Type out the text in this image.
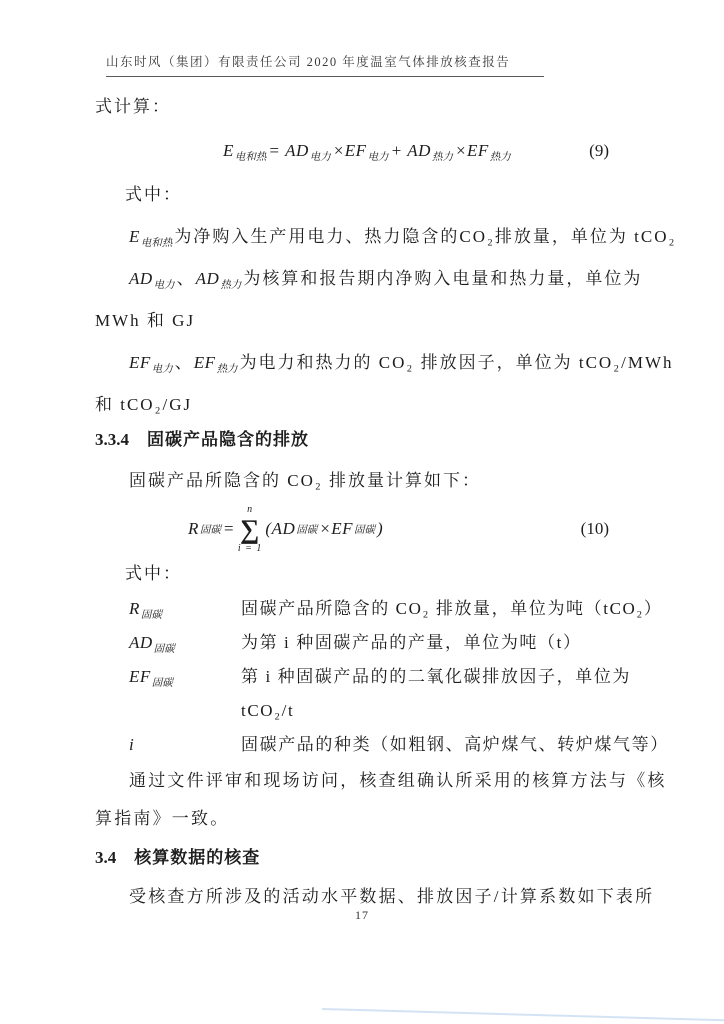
山东时风（集团）有限责任公司 2020 年度温室气体排放核查报告
式计算：
$E_{电和热} = AD_{电力} \times EF_{电力} + AD_{热力} \times EF_{热力}$	(9)
式中：
$E_{电和热}$ 为净购入生产用电力、热力隐含的CO₂排放量，单位为 tCO₂
$AD_{电力}$ 、$AD_{热力}$ 为核算和报告期内净购入电量和热力量，单位为
MWh 和 GJ
$EF_{电力}$ 、$EF_{热力}$ 为电力和热力的 CO₂ 排放因子，单位为 tCO₂/MWh
和 tCO₂/GJ
3.3.4 固碳产品隐含的排放
固碳产品所隐含的 CO₂ 排放量计算如下：
R 固碳 =
n
∑
i = 1
( AD 固碳 × EF 固碳 )	(10)
式中：
$R_{固碳}$	固碳产品所隐含的 CO₂ 排放量，单位为吨（tCO₂）
$AD_{固碳}$	为第 i 种固碳产品的产量，单位为吨（t）
$EF_{固碳}$	第 i 种固碳产品的的二氧化碳排放因子，单位为
tCO₂/t
i	固碳产品的种类（如粗钢、高炉煤气、转炉煤气等）
通过文件评审和现场访问，核查组确认所采用的核算方法与《核
算指南》一致。
3.4 核算数据的核查
受核查方所涉及的活动水平数据、排放因子/计算系数如下表所
17
